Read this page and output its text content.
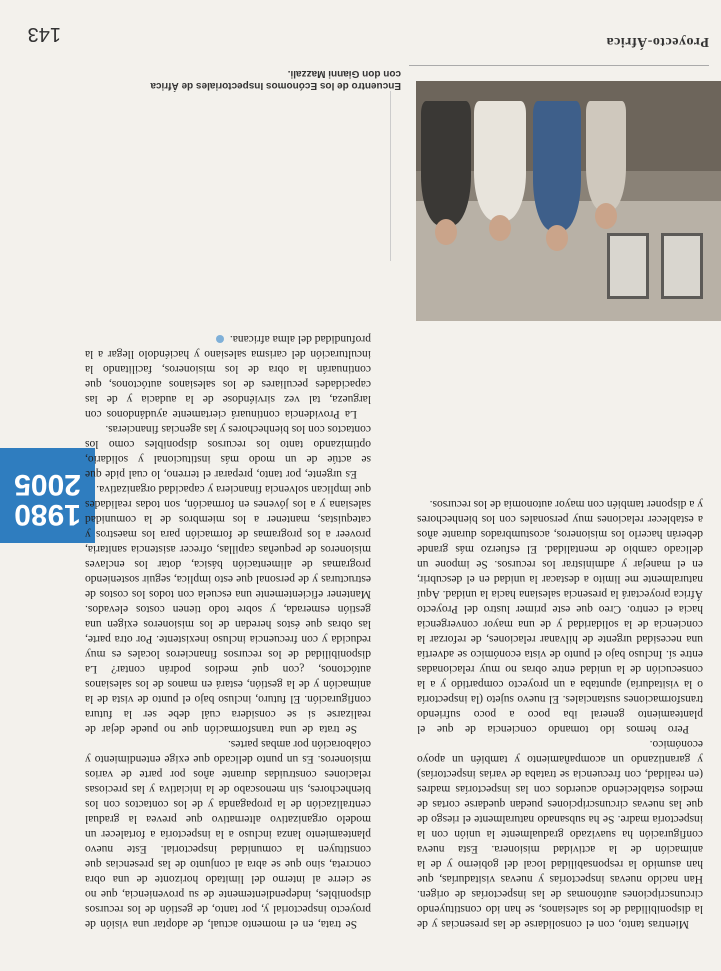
Proyecto-África
143

Mientras tanto, con el consolidarse de las presencias y de la disponibilidad de los salesianos, se han ido constituyendo circunscripciones autónomas de las inspectorías de origen. Han nacido nuevas inspectorías y nuevas visitadurías, que han asumido la responsabilidad local del gobierno y de la animación de la actividad misionera. Esta nueva configuración ha suavizado gradualmente la unión con la inspectoría madre. Se ha subsanado naturalmente el riesgo de que las nuevas circunscripciones puedan quedarse cortas de medios estableciendo acuerdos con las inspectorías madres (en realidad, con frecuencia se trataba de varias inspectorías) y garantizando un acompañamiento y también un apoyo económico.

Pero hemos ido tomando conciencia de que el planteamiento general iba poco a poco sufriendo transformaciones sustanciales. El nuevo sujeto (la inspectoría o la visitaduría) apuntaba a un proyecto compartido y a la consecución de la unidad entre obras no muy relacionadas entre sí. Incluso bajo el punto de vista económico se advertía una necesidad urgente de hilvanar relaciones, de reforzar la conciencia de la solidaridad y de una mayor convergencia hacia el centro. Creo que este primer lustro del Proyecto África proyectará la presencia salesiana hacia la unidad. Aquí naturalmente me limito a destacar la unidad en el descubrir, en el manejar y administrar los recursos. Se impone un delicado cambio de mentalidad. El esfuerzo más grande deberán hacerlo los misioneros, acostumbrados durante años a establecer relaciones muy personales con los bienhechores y a disponer también con mayor autonomía de los recursos.

Encuentro de los Ecónomos Inspectoriales de África
con don Gianni Mazzali.
1980
2005

Se trata, en el momento actual, de adoptar una visión de proyecto inspectorial y, por tanto, de gestión de los recursos disponibles, independientemente de su proveniencia, que no se cierre al interno del limitado horizonte de una obra concreta, sino que se abra al conjunto de las presencias que constituyen la comunidad inspectorial. Este nuevo planteamiento lanza incluso a la inspectoría a fortalecer un modelo organizativo alternativo que prevea la gradual centralización de la propaganda y de los contactos con los bienhechores, sin menoscabo de la iniciativa y las preciosas relaciones construidas durante años por parte de varios misioneros. Es un punto delicado que exige entendimiento y colaboración por ambas partes.

Se trata de una transformación que no puede dejar de realizarse si se considera cuál debe ser la futura configuración. El futuro, incluso bajo el punto de vista de la animación y de la gestión, estará en manos de los salesianos autóctonos, ¿con qué medios podrán contar? La disponibilidad de los recursos financieros locales es muy reducida y con frecuencia incluso inexistente. Por otra parte, las obras que éstos heredan de los misioneros exigen una gestión esmerada, y sobre todo tienen costos elevados. Mantener eficientemente una escuela con todos los costos de estructuras y de personal que esto implica, seguir sosteniendo programas de alimentación básica, dotar los enclaves misioneros de pequeñas capillas, ofrecer asistencia sanitaria, proveer a los programas de formación para los maestros y catequistas, mantener a los miembros de la comunidad salesiana y a los jóvenes en formación, son todas realidades que implican solvencia financiera y capacidad organizativa.

Es urgente, por tanto, preparar el terreno, lo cual pide que se actúe de un modo más institucional y solidario, optimizando tanto los recursos disponibles como los contactos con los bienhechores y las agencias financieras.

La Providencia continuará ciertamente ayudándonos con largueza, tal vez sirviéndose de la audacia y de las capacidades peculiares de los salesianos autóctonos, que continuarán la obra de los misioneros, facilitando la inculturación del carisma salesiano y haciéndolo llegar a la profundidad del alma africana.
